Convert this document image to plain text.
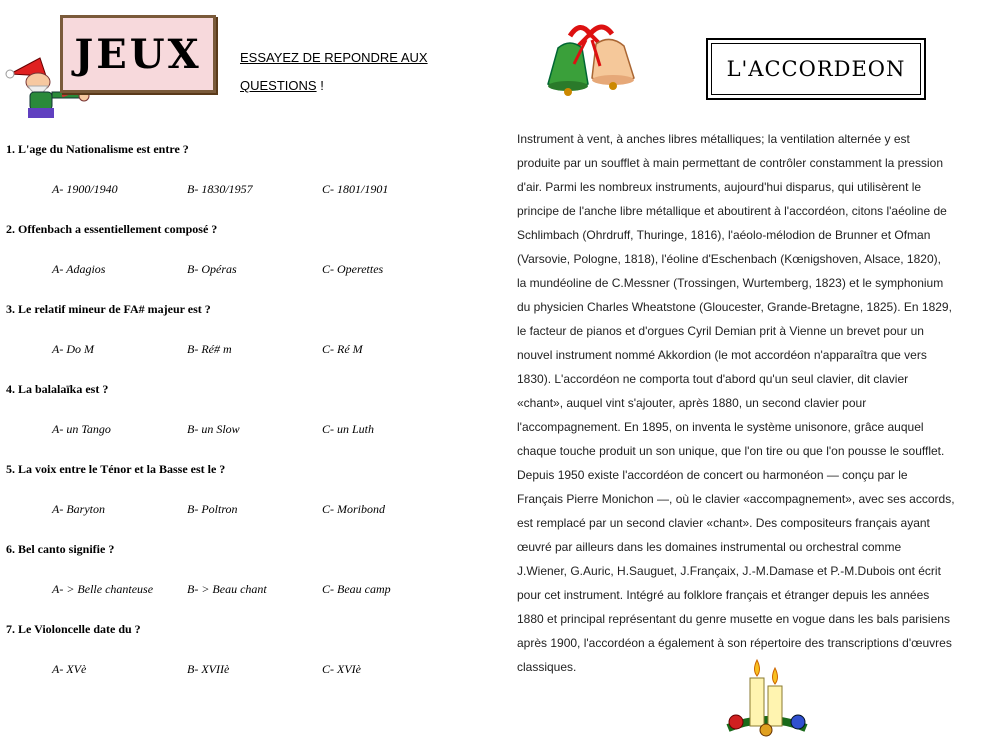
JEUX	ESSAYEZ DE REPONDRE AUX QUESTIONS !
1. L'age du Nationalisme est entre ?
A- 1900/1940	B- 1830/1957	C- 1801/1901
2. Offenbach a essentiellement composé ?
A- Adagios	B- Opéras	C- Operettes
3. Le relatif mineur de FA# majeur est ?
A- Do M	B- Ré# m	C- Ré M
4. La balalaïka est ?
A- un Tango	B- un Slow	C- un Luth
5. La voix entre le Ténor et la Basse est le ?
A- Baryton	B- Poltron	C- Moribond
6. Bel canto signifie ?
A- > Belle chanteuse	B- > Beau chant	C- Beau camp
7. Le Violoncelle date du ?
A- XVè	B- XVIIè	C- XVIè
L'ACCORDEON

Instrument à vent, à anches libres métalliques; la ventilation alternée y est

produite par un soufflet à main permettant de contrôler constamment la pression

d'air. Parmi les nombreux instruments, aujourd'hui disparus, qui utilisèrent le

principe de l'anche libre métallique et aboutirent à l'accordéon, citons l'aéoline de

Schlimbach (Ohrdruff, Thuringe, 1816), l'aéolo-mélodion de Brunner et Ofman

(Varsovie, Pologne, 1818), l'éoline d'Eschenbach (Kœnigshoven, Alsace, 1820),

la mundéoline de C.Messner (Trossingen, Wurtemberg, 1823) et le symphonium

du physicien Charles Wheatstone (Gloucester, Grande-Bretagne, 1825). En 1829,

le facteur de pianos et d'orgues Cyril Demian prit à Vienne un brevet pour un

nouvel instrument nommé Akkordion (le mot accordéon n'apparaîtra que vers

1830). L'accordéon ne comporta tout d'abord qu'un seul clavier, dit clavier

«chant», auquel vint s'ajouter, après 1880, un second clavier pour

l'accompagnement. En 1895, on inventa le système unisonore, grâce auquel

chaque touche produit un son unique, que l'on tire ou que l'on pousse le soufflet.

Depuis 1950 existe l'accordéon de concert ou harmonéon — conçu par le

Français Pierre Monichon —, où le clavier «accompagnement», avec ses accords,

est remplacé par un second clavier «chant». Des compositeurs français ayant

œuvré par ailleurs dans les domaines instrumental ou orchestral comme

J.Wiener, G.Auric, H.Sauguet, J.Françaix, J.-M.Damase et P.-M.Dubois ont écrit

pour cet instrument. Intégré au folklore français et étranger depuis les années

1880 et principal représentant du genre musette en vogue dans les bals parisiens

après 1900, l'accordéon a également à son répertoire des transcriptions d'œuvres

classiques.
